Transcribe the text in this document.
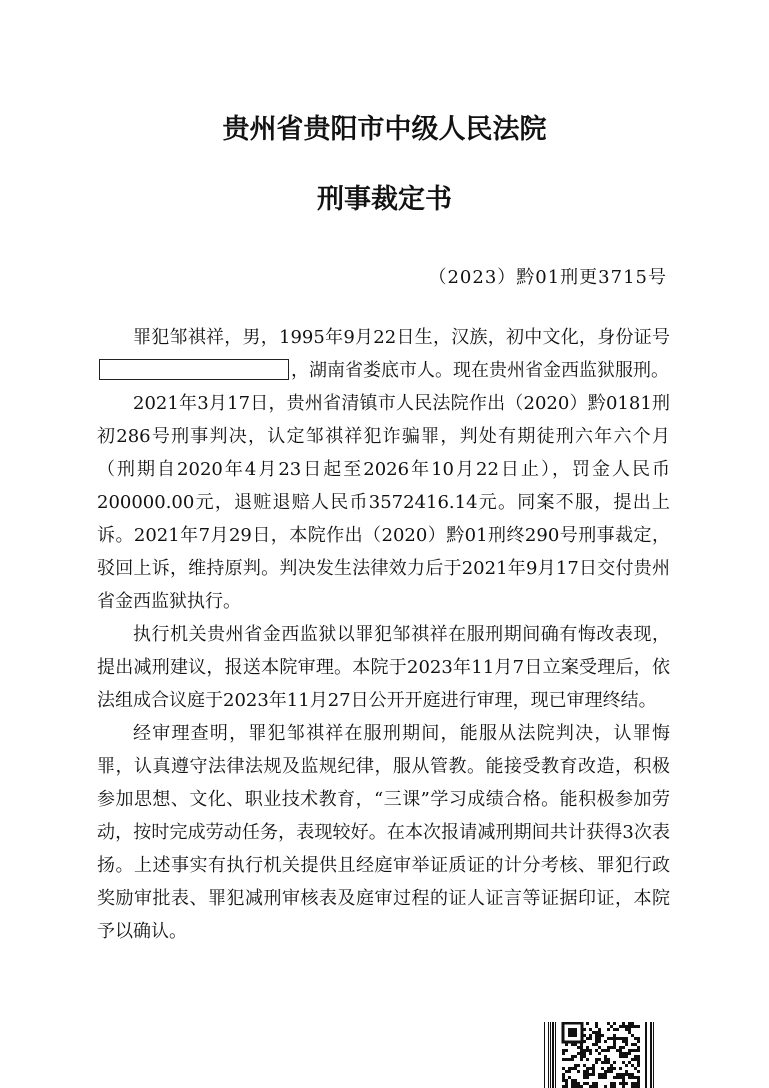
贵州省贵阳市中级人民法院
刑事裁定书
（2023）黔01刑更3715号

罪犯邹祺祥，男，1995年9月22日生，汉族，初中文化，身份证号，湖南省娄底市人。现在贵州省金西监狱服刑。

2021年3月17日，贵州省清镇市人民法院作出（2020）黔0181刑初286号刑事判决，认定邹祺祥犯诈骗罪，判处有期徒刑六年六个月（刑期自2020年4月23日起至2026年10月22日止），罚金人民币200000.00元，退赃退赔人民币3572416.14元。同案不服，提出上诉。2021年7月29日，本院作出（2020）黔01刑终290号刑事裁定，驳回上诉，维持原判。判决发生法律效力后于2021年9月17日交付贵州省金西监狱执行。

执行机关贵州省金西监狱以罪犯邹祺祥在服刑期间确有悔改表现，提出减刑建议，报送本院审理。本院于2023年11月7日立案受理后，依法组成合议庭于2023年11月27日公开开庭进行审理，现已审理终结。

经审理查明，罪犯邹祺祥在服刑期间，能服从法院判决，认罪悔罪，认真遵守法律法规及监规纪律，服从管教。能接受教育改造，积极参加思想、文化、职业技术教育，“三课”学习成绩合格。能积极参加劳动，按时完成劳动任务，表现较好。在本次报请减刑期间共计获得3次表扬。上述事实有执行机关提供且经庭审举证质证的计分考核、罪犯行政奖励审批表、罪犯减刑审核表及庭审过程的证人证言等证据印证，本院予以确认。
